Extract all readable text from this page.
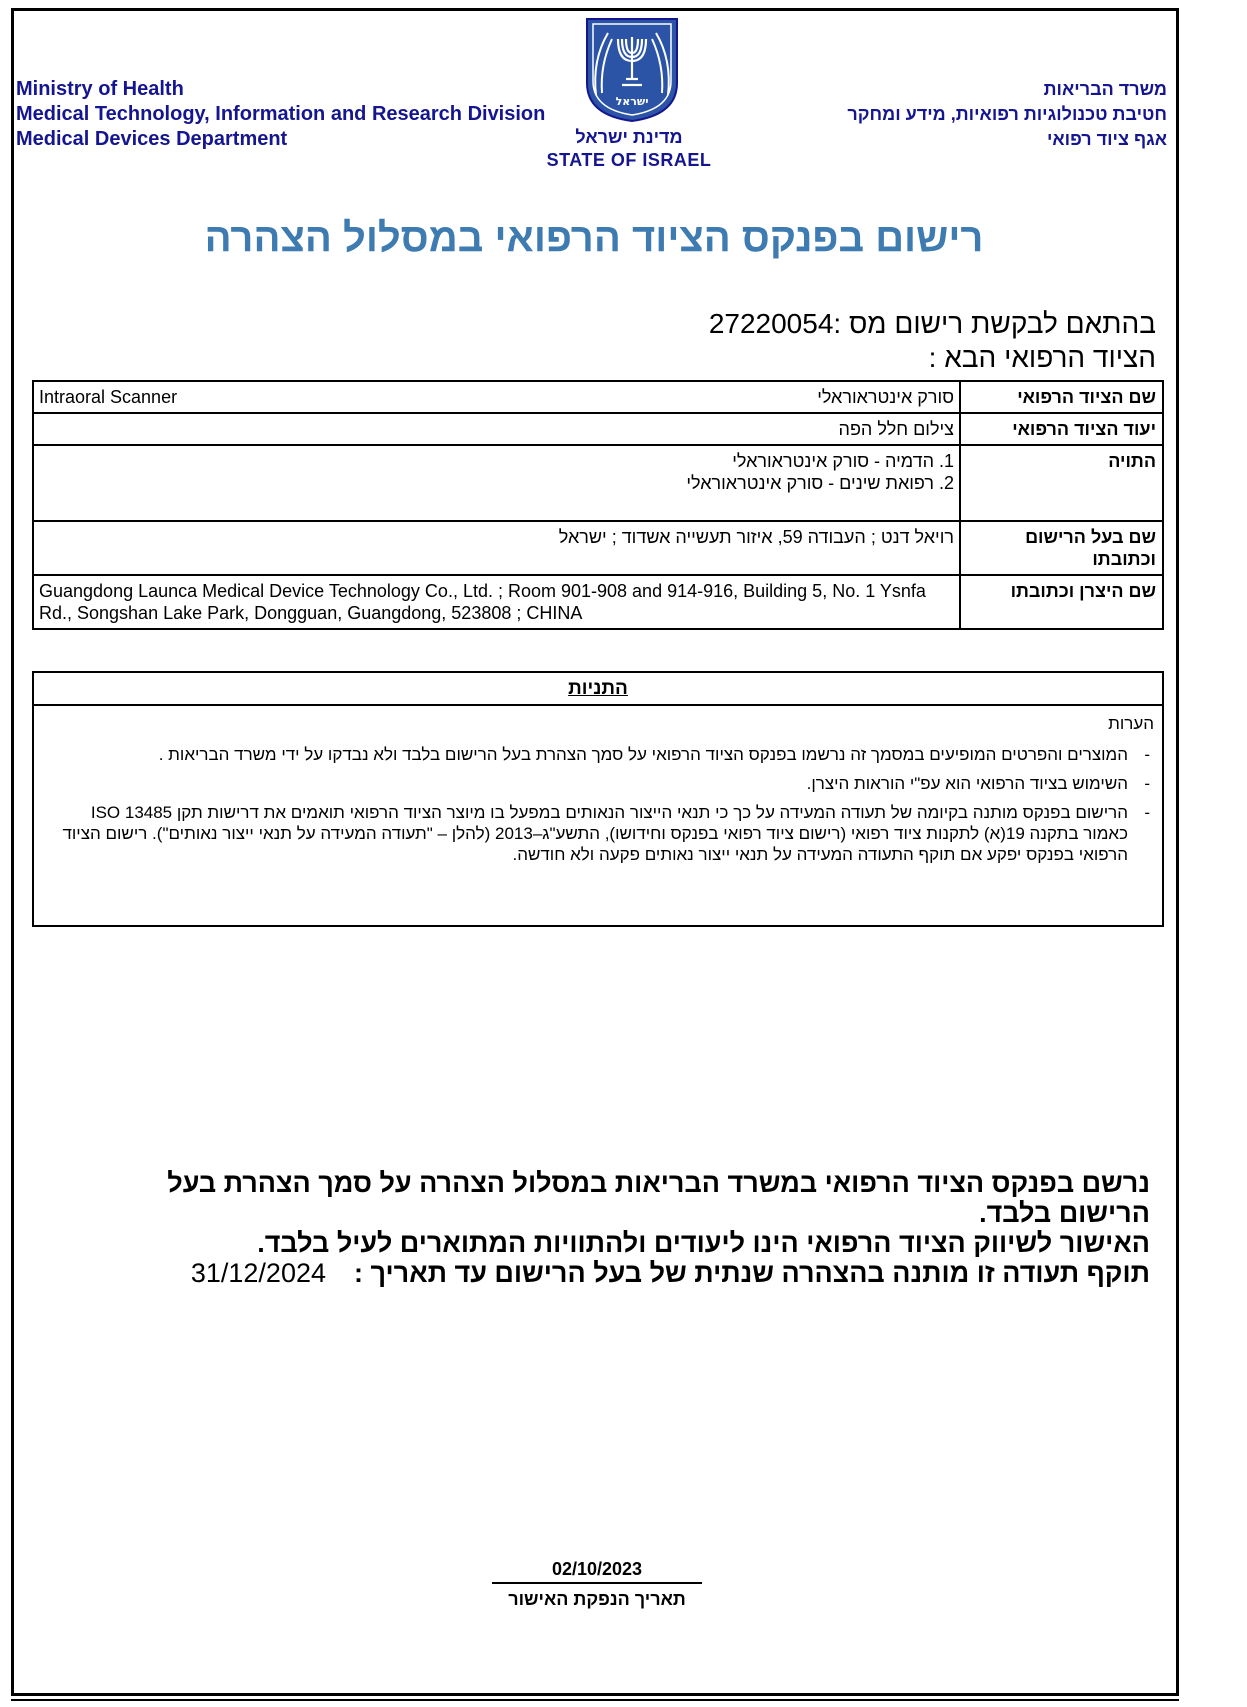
Ministry of Health
Medical Technology, Information and Research Division
Medical Devices Department
ישראל
מדינת ישראל
STATE OF ISRAEL
משרד הבריאות
חטיבת טכנולוגיות רפואיות, מידע ומחקר
אגף ציוד רפואי
רישום בפנקס הציוד הרפואי במסלול הצהרה
בהתאם לבקשת רישום מס :27220054
הציוד הרפואי הבא :
שם הציוד הרפואי	סורק אינטראוראלי
Intraoral Scanner

יעוד הציוד הרפואי	צילום חלל הפה
התויה	1. הדמיה - סורק אינטראוראלי
2. רפואת שינים - סורק אינטראוראלי

שם בעל הרישום וכתובתו	רויאל דנט ; העבודה 59, איזור תעשייה אשדוד ; ישראל
שם היצרן וכתובתו	Guangdong Launca Medical Device Technology Co., Ltd. ; Room 901-908 and 914-916, Building 5, No. 1 Ysnfa Rd., Songshan Lake Park, Dongguan, Guangdong, 523808 ; CHINA
התניות
הערות
-
המוצרים והפרטים המופיעים במסמך זה נרשמו בפנקס הציוד הרפואי על סמך הצהרת בעל הרישום בלבד ולא נבדקו על ידי משרד הבריאות .
-
השימוש בציוד הרפואי הוא עפ"י הוראות היצרן.
-
הרישום בפנקס מותנה בקיומה של תעודה המעידה על כך כי תנאי הייצור הנאותים במפעל בו מיוצר הציוד הרפואי תואמים את דרישות תקן ISO 13485 כאמור בתקנה 19(א) לתקנות ציוד רפואי (רישום ציוד רפואי בפנקס וחידושו), התשע"ג–2013 (להלן – "תעודה המעידה על תנאי ייצור נאותים"). רישום הציוד הרפואי בפנקס יפקע אם תוקף התעודה המעידה על תנאי ייצור נאותים פקעה ולא חודשה.
נרשם בפנקס הציוד הרפואי במשרד הבריאות במסלול הצהרה על סמך הצהרת בעל הרישום בלבד.
האישור לשיווק הציוד הרפואי הינו ליעודים ולהתוויות המתוארים לעיל בלבד.
תוקף תעודה זו מותנה בהצהרה שנתית של בעל הרישום עד תאריך :31/12/2024
02/10/2023
תאריך הנפקת האישור
